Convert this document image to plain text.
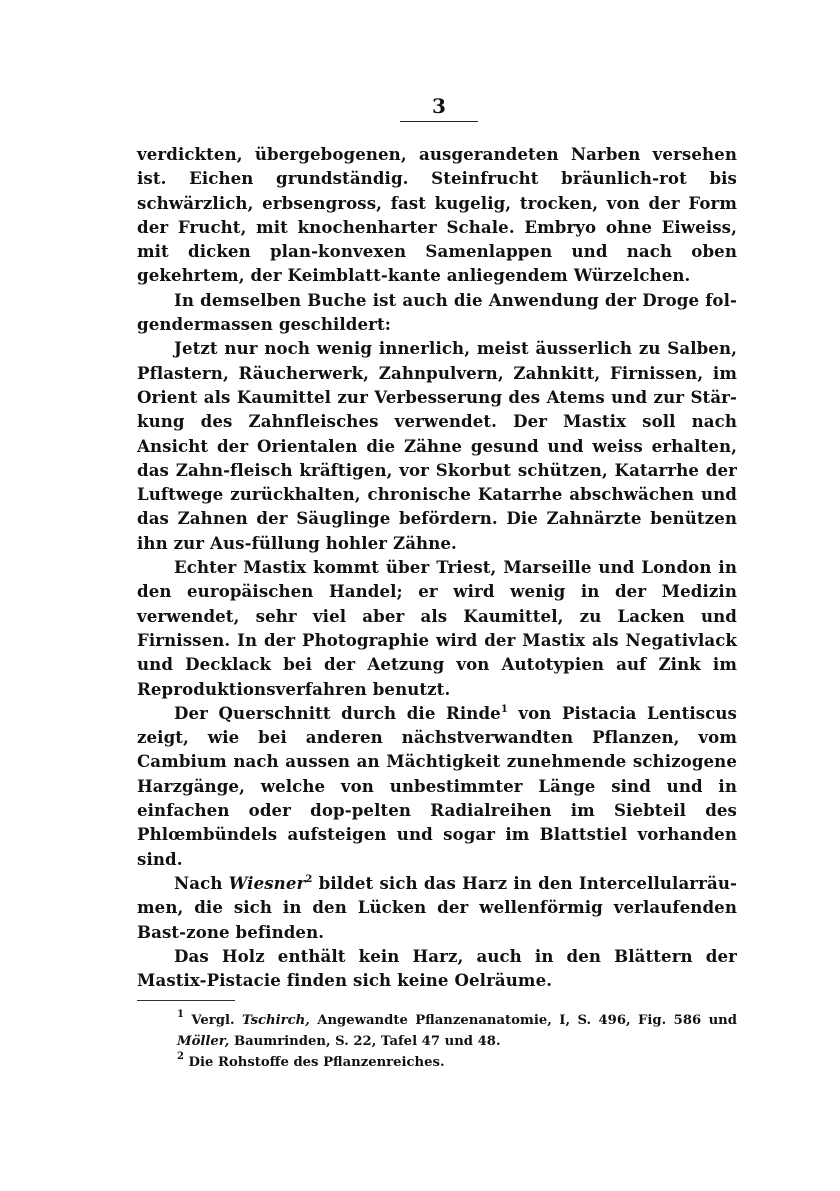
3

verdickten, übergebogenen, ausgerandeten Narben versehen ist. Eichen grundständig. Steinfrucht bräunlich-rot bis schwärzlich, erbsengross, fast kugelig, trocken, von der Form der Frucht, mit knochenharter Schale. Embryo ohne Eiweiss, mit dicken plan-konvexen Samenlappen und nach oben gekehrtem, der Keimblatt-kante anliegendem Würzelchen.

In demselben Buche ist auch die Anwendung der Droge fol-gendermassen geschildert:

Jetzt nur noch wenig innerlich, meist äusserlich zu Salben, Pflastern, Räucherwerk, Zahnpulvern, Zahnkitt, Firnissen, im Orient als Kaumittel zur Verbesserung des Atems und zur Stär-kung des Zahnfleisches verwendet. Der Mastix soll nach Ansicht der Orientalen die Zähne gesund und weiss erhalten, das Zahn-fleisch kräftigen, vor Skorbut schützen, Katarrhe der Luftwege zurückhalten, chronische Katarrhe abschwächen und das Zahnen der Säuglinge befördern. Die Zahnärzte benützen ihn zur Aus-füllung hohler Zähne.

Echter Mastix kommt über Triest, Marseille und London in den europäischen Handel; er wird wenig in der Medizin verwendet, sehr viel aber als Kaumittel, zu Lacken und Firnissen. In der Photographie wird der Mastix als Negativlack und Decklack bei der Aetzung von Autotypien auf Zink im Reproduktionsverfahren benutzt.

Der Querschnitt durch die Rinde$^1$ von Pistacia Lentiscus zeigt, wie bei anderen nächstverwandten Pflanzen, vom Cambium nach aussen an Mächtigkeit zunehmende schizogene Harzgänge, welche von unbestimmter Länge sind und in einfachen oder dop-pelten Radialreihen im Siebteil des Phlœmbündels aufsteigen und sogar im Blattstiel vorhanden sind.

Nach Wiesner$^2$ bildet sich das Harz in den Intercellularräu-men, die sich in den Lücken der wellenförmig verlaufenden Bast-zone befinden.

Das Holz enthält kein Harz, auch in den Blättern der Mastix-Pistacie finden sich keine Oelräume.

$^1$ Vergl. Tschirch, Angewandte Pflanzenanatomie, I, S. 496, Fig. 586 und Möller, Baumrinden, S. 22, Tafel 47 und 48.

$^2$ Die Rohstoffe des Pflanzenreiches.
